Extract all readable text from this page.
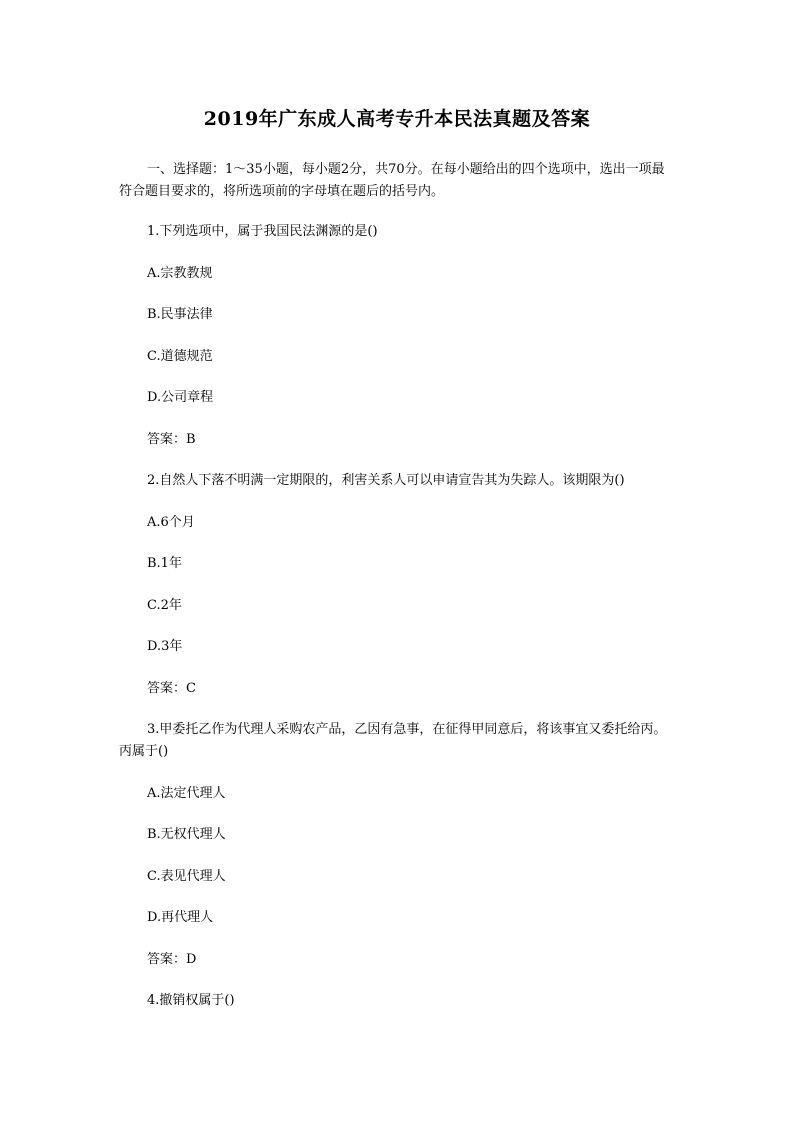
2019年广东成人高考专升本民法真题及答案
一、选择题：1～35小题，每小题2分，共70分。在每小题给出的四个选项中，选出一项最符合题目要求的，将所选项前的字母填在题后的括号内。
1.下列选项中，属于我国民法渊源的是()
A.宗教教规
B.民事法律
C.道德规范
D.公司章程
答案：B
2.自然人下落不明满一定期限的，利害关系人可以申请宣告其为失踪人。该期限为()
A.6个月
B.1年
C.2年
D.3年
答案：C
3.甲委托乙作为代理人采购农产品，乙因有急事，在征得甲同意后，将该事宜又委托给丙。丙属于()
A.法定代理人
B.无权代理人
C.表见代理人
D.再代理人
答案：D
4.撤销权属于()
